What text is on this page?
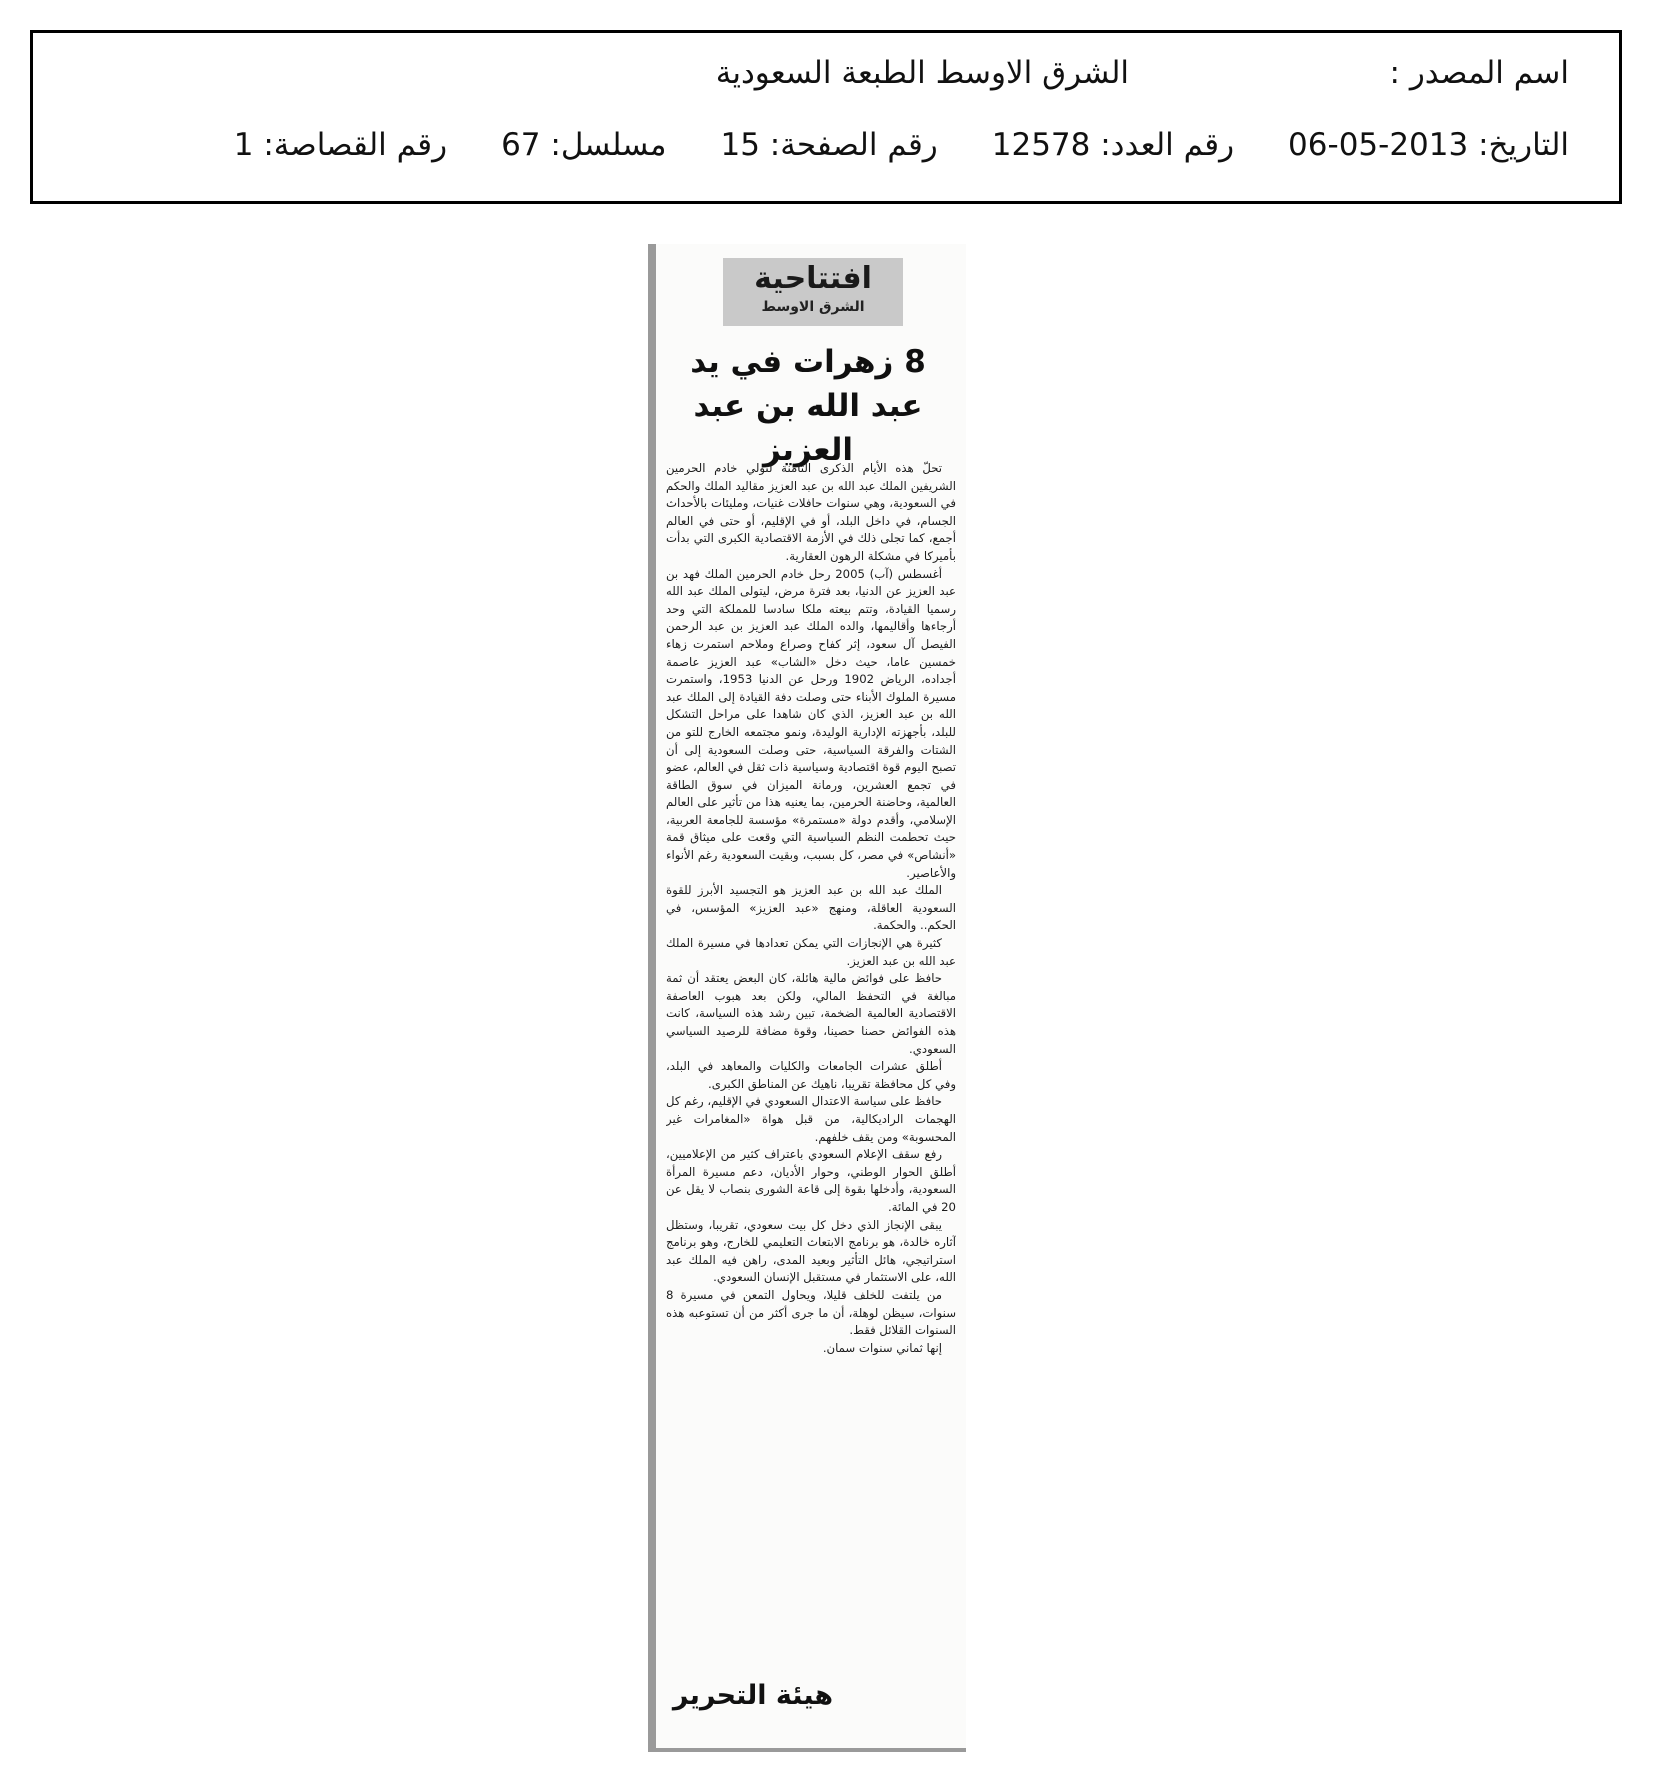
اسم المصدر :
الشرق الاوسط الطبعة السعودية
التاريخ: 2013-05-06
رقم العدد: 12578
رقم الصفحة: 15
مسلسل: 67
رقم القصاصة: 1
افتتاحية
الشرق الاوسط
8 زهرات في يد
عبد الله بن عبد العزيز

تحلّ هذه الأيام الذكرى الثامنة لتولي خادم الحرمين الشريفين الملك عبد الله بن عبد العزيز مقاليد الملك والحكم في السعودية، وهي سنوات حافلات غنيات، ومليئات بالأحداث الجسام، في داخل البلد، أو في الإقليم، أو حتى في العالم أجمع، كما تجلى ذلك في الأزمة الاقتصادية الكبرى التي بدأت بأميركا في مشكلة الرهون العقارية.

أغسطس (آب) 2005 رحل خادم الحرمين الملك فهد بن عبد العزيز عن الدنيا، بعد فترة مرض، ليتولى الملك عبد الله رسميا القيادة، وتتم بيعته ملكا سادسا للمملكة التي وحد أرجاءها وأقاليمها، والده الملك عبد العزيز بن عبد الرحمن الفيصل آل سعود، إثر كفاح وصراع وملاحم استمرت زهاء خمسين عاما، حيث دخل «الشاب» عبد العزيز عاصمة أجداده، الرياض 1902 ورحل عن الدنيا 1953، واستمرت مسيرة الملوك الأبناء حتى وصلت دفة القيادة إلى الملك عبد الله بن عبد العزيز، الذي كان شاهدا على مراحل التشكل للبلد، بأجهزته الإدارية الوليدة، ونمو مجتمعه الخارج للتو من الشتات والفرقة السياسية، حتى وصلت السعودية إلى أن تصبح اليوم قوة اقتصادية وسياسية ذات ثقل في العالم، عضو في تجمع العشرين، ورمانة الميزان في سوق الطاقة العالمية، وحاضنة الحرمين، بما يعنيه هذا من تأثير على العالم الإسلامي، وأقدم دولة «مستمرة» مؤسسة للجامعة العربية، حيث تحطمت النظم السياسية التي وقعت على ميثاق قمة «أنشاص» في مصر، كل بسبب، وبقيت السعودية رغم الأنواء والأعاصير.

الملك عبد الله بن عبد العزيز هو التجسيد الأبرز للقوة السعودية العاقلة، ومنهج «عبد العزيز» المؤسس، في الحكم.. والحكمة.

كثيرة هي الإنجازات التي يمكن تعدادها في مسيرة الملك عبد الله بن عبد العزيز.

حافظ على فوائض مالية هائلة، كان البعض يعتقد أن ثمة مبالغة في التحفظ المالي، ولكن بعد هبوب العاصفة الاقتصادية العالمية الضخمة، تبين رشد هذه السياسة، كانت هذه الفوائض حصنا حصينا، وقوة مضافة للرصيد السياسي السعودي.

أطلق عشرات الجامعات والكليات والمعاهد في البلد، وفي كل محافظة تقريبا، ناهيك عن المناطق الكبرى.

حافظ على سياسة الاعتدال السعودي في الإقليم، رغم كل الهجمات الراديكالية، من قبل هواة «المغامرات غير المحسوبة» ومن يقف خلفهم.

رفع سقف الإعلام السعودي باعتراف كثير من الإعلاميين، أطلق الحوار الوطني، وحوار الأديان، دعم مسيرة المرأة السعودية، وأدخلها بقوة إلى قاعة الشورى بنصاب لا يقل عن 20 في المائة.

يبقى الإنجاز الذي دخل كل بيت سعودي، تقريبا، وستظل آثاره خالدة، هو برنامج الابتعاث التعليمي للخارج، وهو برنامج استراتيجي، هائل التأثير وبعيد المدى، راهن فيه الملك عبد الله، على الاستثمار في مستقبل الإنسان السعودي.

من يلتفت للخلف قليلا، ويحاول التمعن في مسيرة 8 سنوات، سيظن لوهلة، أن ما جرى أكثر من أن تستوعبه هذه السنوات القلائل فقط.

إنها ثماني سنوات سمان.

هيئة التحرير
